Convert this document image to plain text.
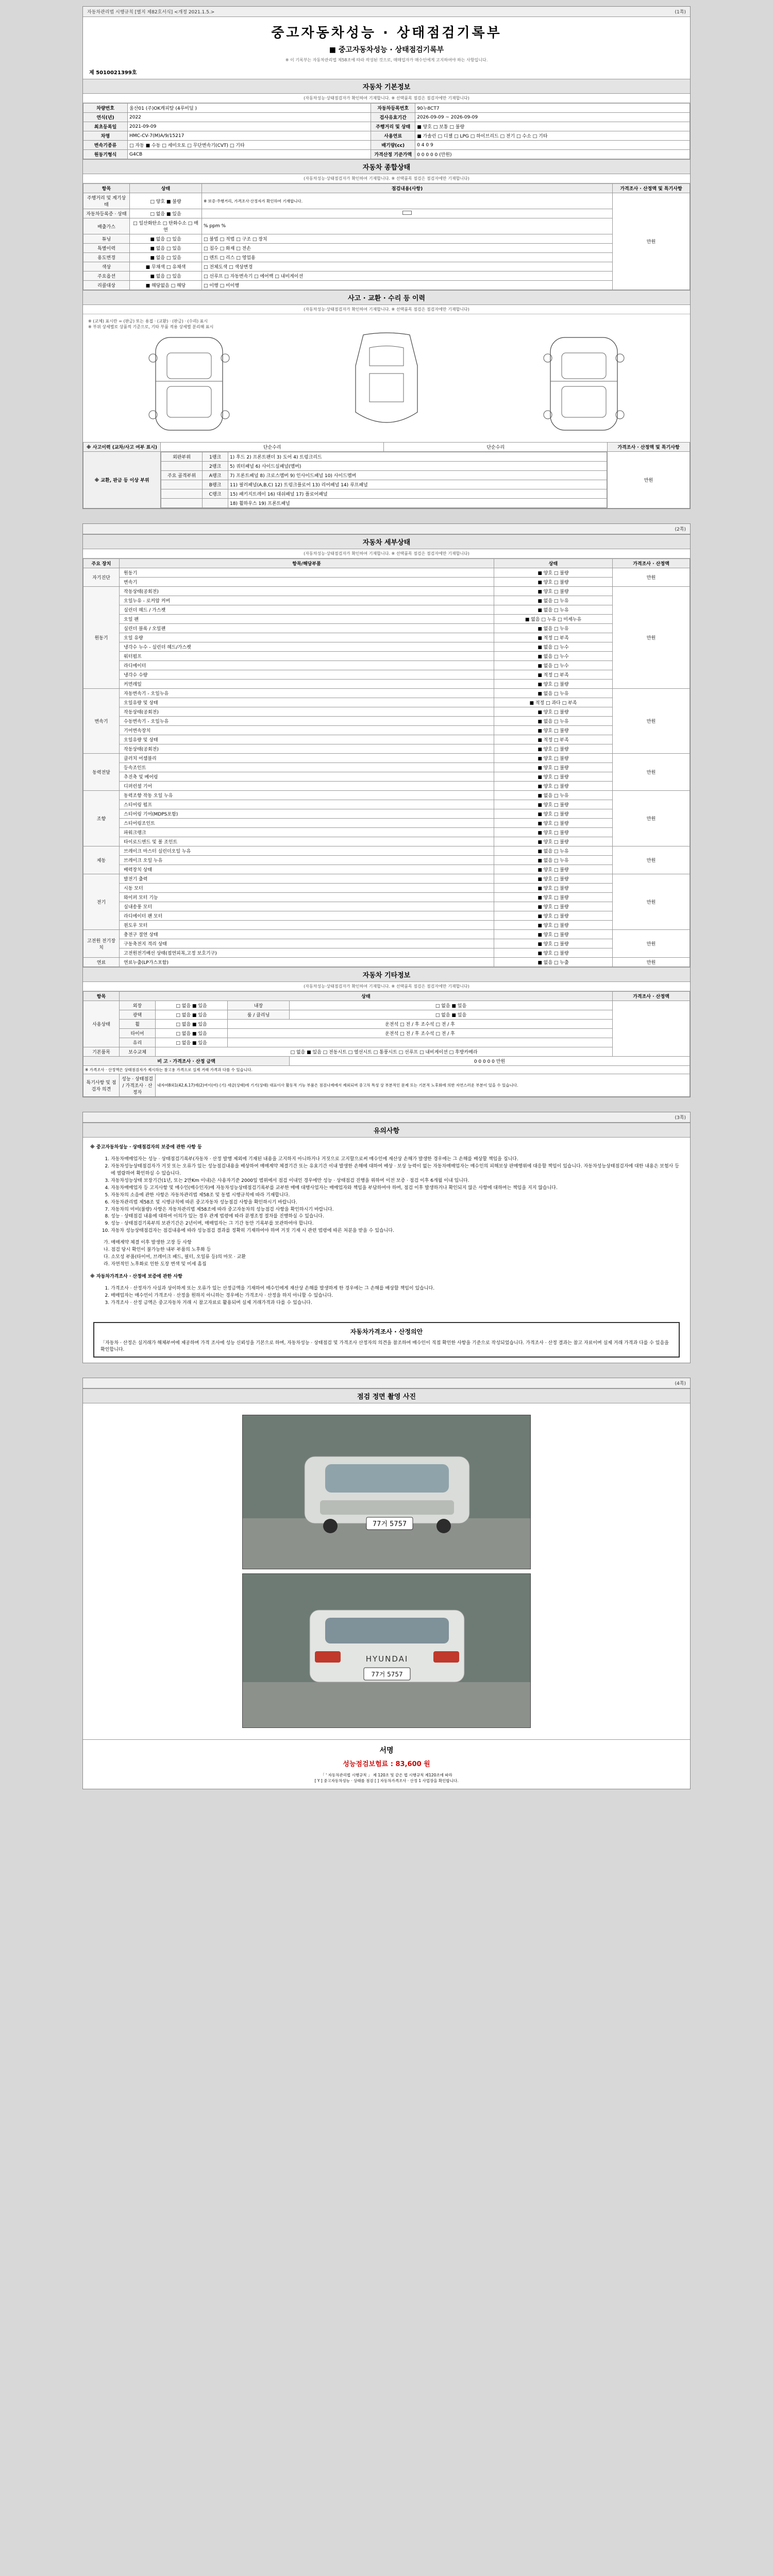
자동차관리법 시행규칙 [별지 제82호서식] <개정 2021.1.5.>	(1쪽)
중고자동차성능 · 상태점검기록부
■ 중고자동차성능 · 상태점검기록부
※ 이 기록부는 자동차관리법 제58조에 따라 작성된 것으로, 매매업자가 매수인에게 고지하여야 하는 사항입니다.
제 5010021399호
자동차 기본정보
(자동차성능·상태점검자가 확인하여 기재합니다. ※ 선택품목 점검은 점검자에만 기재합니다)
차량번호	울산01 (주)OK캐피탈 (4루비딜 )	자동차등록번호	90누8CT7
연식(년)	2022	검사유효기간	2026-09-09 ~ 2026-09-09
최초등록일	2021-09-09	주행거리 및 상태	■ 양호 □ 보통 □ 불량
차명	HMC-CV-7(M)A/9/15217	사용연료	■ 가솔린 □ 디젤 □ LPG □ 하이브리드 □ 전기 □ 수소 □ 기타
변속기종류	□ 자동 ■ 수동 □ 세미오토 □ 무단변속기(CVT) □ 기타	배기량(cc)	0 4 0 9
원동기형식	G4CB	가격산정 기준가액	0 0 0 0 0 (만원)
자동차 종합상태
(자동차성능·상태점검자가 확인하여 기재합니다. ※ 선택품목 점검은 점검자에만 기재합니다)
항목	상태	점검내용(사항)	가격조사 · 산정액 및 특기사항
주행거리 및 계기상태	□ 양호 ■ 불량	※ 보증·주행거리, 가격조사·산정자가 확인하여 기재합니다.	만원
자동차등록증 · 상태	□ 없음 ■ 있음		
배출가스	□ 일산화탄소 □ 탄화수소 □ 매연	% ppm %	
튜닝	■ 없음 □ 있음	□ 불법 □ 적법 □ 구조 □ 장치	
특별이력	■ 없음 □ 있음	□ 침수 □ 화재 □ 전손	
용도변경	■ 없음 □ 있음	□ 렌트 □ 리스 □ 영업용	
색상	■ 무채색 □ 유채색	□ 전체도색 □ 색상변경	
주요옵션	■ 없음 □ 있음	□ 선루프 □ 자동변속기 □ 에어백 □ 내비게이션	
리콜대상	■ 해당없음 □ 해당	□ 이행 □ 미이행	
사고 · 교환 · 수리 등 이력
(자동차성능·상태점검자가 확인하여 기재합니다. ※ 선택품목 점검은 점검자에만 기재합니다)
※ (교체) 표시란 = (판금) 또는 용접 · (교환) · (판금) · (수리) 표시
※ 부위 상세별로 상품적 기준으로, 기타 부품 적용 상세별 분리해 표시
※ 사고이력 (교차/사고 여부 표시)	단순수리	단순수리	가격조사 · 산정액 및 특기사항
※ 교환, 판금 등 이상 부위	
외판부위	1랭크	1) 후드 2) 프론트팬더 3) 도어 4) 트렁크리드
	2랭크	5) 쿼터패널 6) 사이드실패널(멤버)
주요 골격부위	A랭크	7) 프론트패널 8) 크로스멤버 9) 인사이드패널 10) 사이드멤버
	B랭크	11) 필러패널(A,B,C) 12) 트렁크플로어 13) 리어패널 14) 루프패널
	C랭크	15) 패키지트레이 16) 대쉬패널 17) 플로어패널
		18) 휠하우스 19) 프론트패널
	만원
(2쪽)
자동차 세부상태
(자동차성능·상태점검자가 확인하여 기재합니다. ※ 선택품목 점검은 점검자에만 기재합니다)
주요 장치	항목/해당부품	상태	가격조사 · 산정액
자기진단	원동기	■ 양호 □ 불량	만원
	변속기	■ 양호 □ 불량	
원동기	작동상태(공회전)	■ 양호 □ 불량	만원
	오일누유 - 로커암 커버	■ 없음 □ 누유	
	실린더 헤드 / 가스켓	■ 없음 □ 누유	
	오일 팬	■ 없음 □ 누유 □ 미세누유	
	실린더 블록 / 오일팬	■ 없음 □ 누유	
	오일 유량	■ 적정 □ 부족	
	냉각수 누수 - 실린더 헤드/가스켓	■ 없음 □ 누수	
	워터펌프	■ 없음 □ 누수	
	라디에이터	■ 없음 □ 누수	
	냉각수 수량	■ 적정 □ 부족	
	커먼레일	■ 양호 □ 불량	
변속기	자동변속기 - 오일누유	■ 없음 □ 누유	만원
	오일유량 및 상태	■ 적정 □ 과다 □ 부족	
	작동상태(공회전)	■ 양호 □ 불량	
	수동변속기 - 오일누유	■ 없음 □ 누유	
	기어변속장치	■ 양호 □ 불량	
	오일유량 및 상태	■ 적정 □ 부족	
	작동상태(공회전)	■ 양호 □ 불량	
동력전달	클러치 어셈블리	■ 양호 □ 불량	만원
	등속조인트	■ 양호 □ 불량	
	추진축 및 베어링	■ 양호 □ 불량	
	디퍼런셜 기어	■ 양호 □ 불량	
조향	동력조향 작동 오일 누유	■ 없음 □ 누유	만원
	스티어링 펌프	■ 양호 □ 불량	
	스티어링 기어(MDPS포함)	■ 양호 □ 불량	
	스티어링조인트	■ 양호 □ 불량	
	파워크랭크	■ 양호 □ 불량	
	타이로드엔드 및 볼 조인트	■ 양호 □ 불량	
제동	브레이크 마스터 실린더오일 누유	■ 없음 □ 누유	만원
	브레이크 오일 누유	■ 없음 □ 누유	
	배력장치 상태	■ 양호 □ 불량	
전기	발전기 출력	■ 양호 □ 불량	만원
	시동 모터	■ 양호 □ 불량	
	와이퍼 모터 기능	■ 양호 □ 불량	
	실내송풍 모터	■ 양호 □ 불량	
	라디에이터 팬 모터	■ 양호 □ 불량	
	윈도우 모터	■ 양호 □ 불량	
고전원 전기장치	충전구 절연 상태	■ 양호 □ 불량	만원
	구동축전지 격리 상태	■ 양호 □ 불량	
	고전원전기배선 상태(접연피복,고정 보호기구)	■ 양호 □ 불량	
연료	연료누출(LP가스포함)	■ 없음 □ 누출	만원
자동차 기타정보
(자동차성능·상태점검자가 확인하여 기재합니다. ※ 선택품목 점검은 점검자에만 기재합니다)
항목	상태				가격조사 · 산정액
사용상태	외장	□ 없음 ■ 있음	내장	□ 없음 ■ 있음	
	광택	□ 없음 ■ 있음	룸 / 클리닝	□ 없음 ■ 있음	
	휠	□ 없음 ■ 있음	운전석 □ 전 / 후 조수석 □ 전 / 후		
	타이어	□ 없음 ■ 있음	운전석 □ 전 / 후 조수석 □ 전 / 후		
	유리	□ 없음 ■ 있음			
기본품목	보수교체	□ 없음 ■ 있음 □ 전동시트 □ 열선시트 □ 통풍시트 □ 선루프 □ 내비게이션 □ 후방카메라			
비 고 · 가격조사 · 산정 금액				0 0 0 0 0 만원	
※ 가격조사 · 산정액은 상태점검자가 제시하는 참고용 가격으로 실제 거래 가격과 다를 수 있습니다.					
특기사항 및 점검자 의견	성능 · 상태점검 / 가격조사 · 산정자	내자여8외1(42,6,17)에(2)여이(여) (기) 세금(상태)에 기기(상태) 대표이사 활동적 기능 부품은 점검나제에서 제외되며 중고차 특성 상 부분적인 문제 또는 기본적 노후화에 의한 자연스러운 부분이 있을 수 있습니다.			
(3쪽)
유의사항

※ 중고자동차성능 · 상태점검자의 보증에 관한 사항 등

1. 자동차매매업자는 성능 · 상태점검기록부(자동차 · 산정 발행 제외에 기재된 내용을 고지하지 아니하거나 거짓으로 고지할으로써 매수인에 재산상 손해가 발생한 경우에는 그 손해를 배상할 책임을 집니다.
2. 자동차성능상태점검자가 거짓 또는 오류가 있는 성능점검내용을 배상하여 매매계약 체결기간 또는 유효기간 이내 발생한 손해에 대하여 배상 · 보상 능력이 없는 자동차매매업자는 매수인의 피해보상 판매행위에 대응할 책임이 있습니다. 자동차성능상태점검자에 대한 내용은 보험사 등에 열람하여 확인하실 수 있습니다.
3. 자동차성능상태 보장기간(1년, 또는 2만Km 이내)은 사용자기준 2000일 범위에서 점검 이내인 경우에만 성능 · 상태점검 진행을 위하여 이전 보증 · 점검 이후 6개월 이내 입니다.
4. 자동차매매업자 등 고지사항 및 매수인(매수인자)에 자동차성능상태점검기록부를 교부한 매매 대행사업자는 매매업자와 책임을 부담하여야 하며, 점검 이후 발생하거나 확인되지 않은 사항에 대하여는 책임을 지지 않습니다.
5. 자동차의 소음에 관한 사항은 자동차관리법 제58조 및 동법 시행규칙에 따라 기재합니다.
6. 자동차관리법 제58조 및 시행규칙에 따른 중고자동차 성능점검 사항을 확인하시기 바랍니다.
7. 자동차의 미비(불량) 사항은 자동차관리법 제58조에 따라 중고자동차의 성능점검 사항을 확인하시기 바랍니다.
8. 성능 · 상태점검 내용에 대하여 이의가 있는 경우 관계 법령에 따라 분쟁조정 절차를 진행하실 수 있습니다.
9. 성능 · 상태점검기록부의 보관기간은 2년이며, 매매업자는 그 기간 동안 기록부를 보관하여야 합니다.
10. 자동차 성능상태점검자는 점검내용에 따라 성능점검 결과를 정확히 기재하여야 하며 거짓 기재 시 관련 법령에 따른 처분을 받을 수 있습니다.
가. 매매계약 체결 이후 발생한 고장 등 사항
나. 점검 당시 확인이 불가능한 내부 부품의 노후화 등
다. 소모성 부품(타이어, 브레이크 패드, 필터, 오일류 등)의 마모 · 교환
라. 자연적인 노후화로 인한 도장 변색 및 미세 흠집

※ 자동차가격조사 · 산정에 보증에 관한 사항

1. 가격조사 · 산정자가 사실과 상이하게 또는 오류가 있는 산정금액을 기재하여 매수인에게 재산상 손해를 발생하게 한 경우에는 그 손해를 배상할 책임이 있습니다.
2. 매매업자는 매수인이 가격조사 · 산정을 원하지 아니하는 경우에는 가격조사 · 산정을 하지 아니할 수 있습니다.
3. 가격조사 · 산정 금액은 중고자동차 거래 시 참고자료로 활용되며 실제 거래가격과 다를 수 있습니다.
자동차가격조사 · 산정의안
「자동차 · 산정은 실거래가 해체부여에 제공하며 가격 조사에 성능 신뢰성을 기본으로 하며, 자동차성능 · 상태점검 및 가격조사 산정자의 의견을 참조하여 매수인이 직접 확인한 사항을 기준으로 작성되었습니다. 가격조사 · 산정 결과는 참고 자료이며 실제 거래 가격과 다를 수 있음을 확인합니다.
(4쪽)
점검 정면 촬영 사진
77거 5757
HYUNDAI
77거 5757
서명
성능점검보험료 : 83,600 원
「 ' 자동차관리법 시행규칙 」 제 120조 및 같은 법 시행규칙 제120조에 따라
[ Y ] 중고자동차성능 · 상태를 점검 [ ] 자동차가격조사 · 산정 1 사업장을 확인합니다.
